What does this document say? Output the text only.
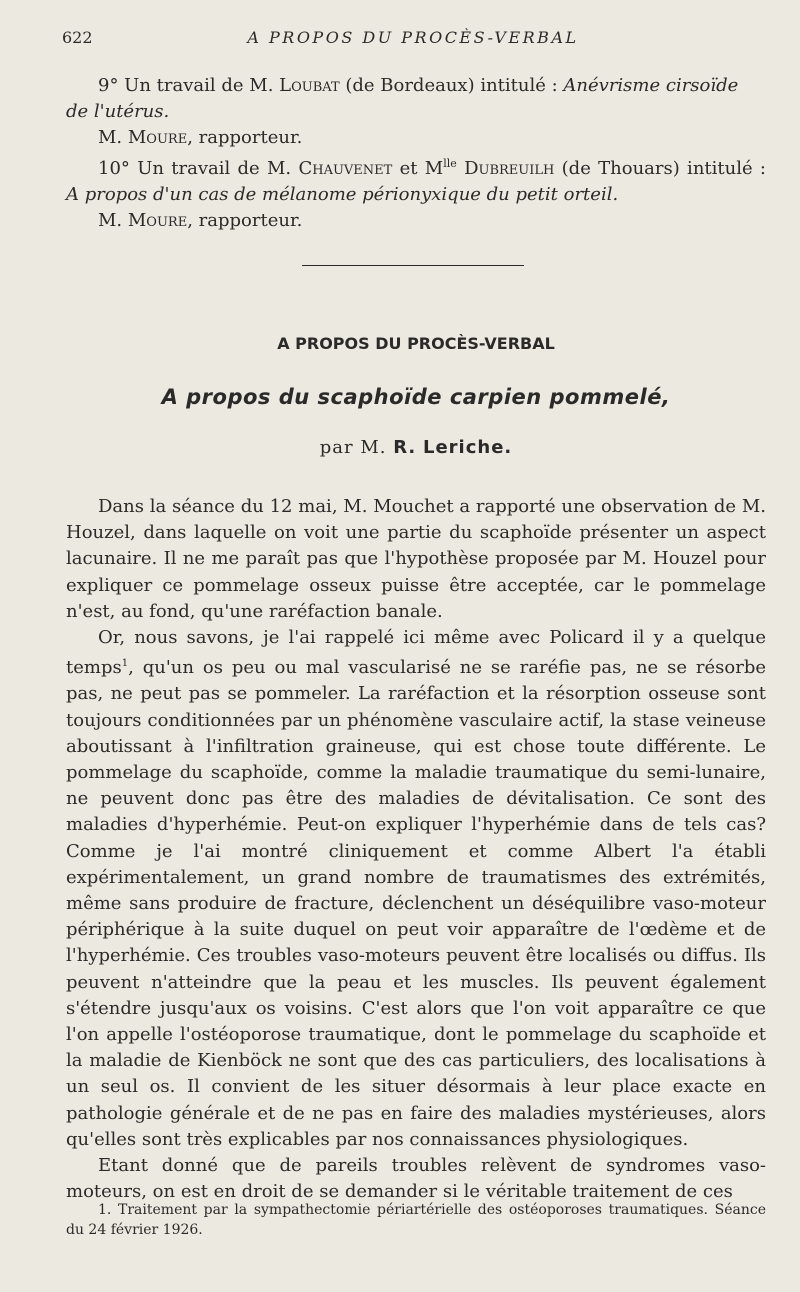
622	A PROPOS DU PROCÈS-VERBAL
9° Un travail de M. Loubat (de Bordeaux) intitulé : Anévrisme cirsoïde de l'utérus.
M. Moure, rapporteur.
10° Un travail de M. Chauvenet et $M^{lle}$ Dubreuilh (de Thouars) intitulé :
A propos d'un cas de mélanome périonyxique du petit orteil.
M. Moure, rapporteur.
A PROPOS DU PROCÈS-VERBAL
A propos du scaphoïde carpien pommelé,
par M. R. Leriche.

Dans la séance du 12 mai, M. Mouchet a rapporté une observation de M. Houzel, dans laquelle on voit une partie du scaphoïde présenter un aspect lacunaire. Il ne me paraît pas que l'hypothèse proposée par M. Houzel pour expliquer ce pommelage osseux puisse être acceptée, car le pommelage n'est, au fond, qu'une raréfaction banale.

Or, nous savons, je l'ai rappelé ici même avec Policard il y a quelque temps$^1$, qu'un os peu ou mal vascularisé ne se raréfie pas, ne se résorbe pas, ne peut pas se pommeler. La raréfaction et la résorption osseuse sont toujours conditionnées par un phénomène vasculaire actif, la stase veineuse aboutissant à l'infiltration graineuse, qui est chose toute différente. Le pommelage du scaphoïde, comme la maladie traumatique du semi-lunaire, ne peuvent donc pas être des maladies de dévitalisation. Ce sont des maladies d'hyperhémie. Peut-on expliquer l'hyperhémie dans de tels cas? Comme je l'ai montré cliniquement et comme Albert l'a établi expérimentalement, un grand nombre de traumatismes des extrémités, même sans produire de fracture, déclenchent un déséquilibre vaso-moteur périphérique à la suite duquel on peut voir apparaître de l'œdème et de l'hyperhémie. Ces troubles vaso-moteurs peuvent être localisés ou diffus. Ils peuvent n'atteindre que la peau et les muscles. Ils peuvent également s'étendre jusqu'aux os voisins. C'est alors que l'on voit apparaître ce que l'on appelle l'ostéoporose traumatique, dont le pommelage du scaphoïde et la maladie de Kienböck ne sont que des cas particuliers, des localisations à un seul os. Il convient de les situer désormais à leur place exacte en pathologie générale et de ne pas en faire des maladies mystérieuses, alors qu'elles sont très explicables par nos connaissances physiologiques.

Etant donné que de pareils troubles relèvent de syndromes vaso-moteurs, on est en droit de se demander si le véritable traitement de ces

1. Traitement par la sympathectomie périartérielle des ostéoporoses traumatiques. Séance du 24 février 1926.
